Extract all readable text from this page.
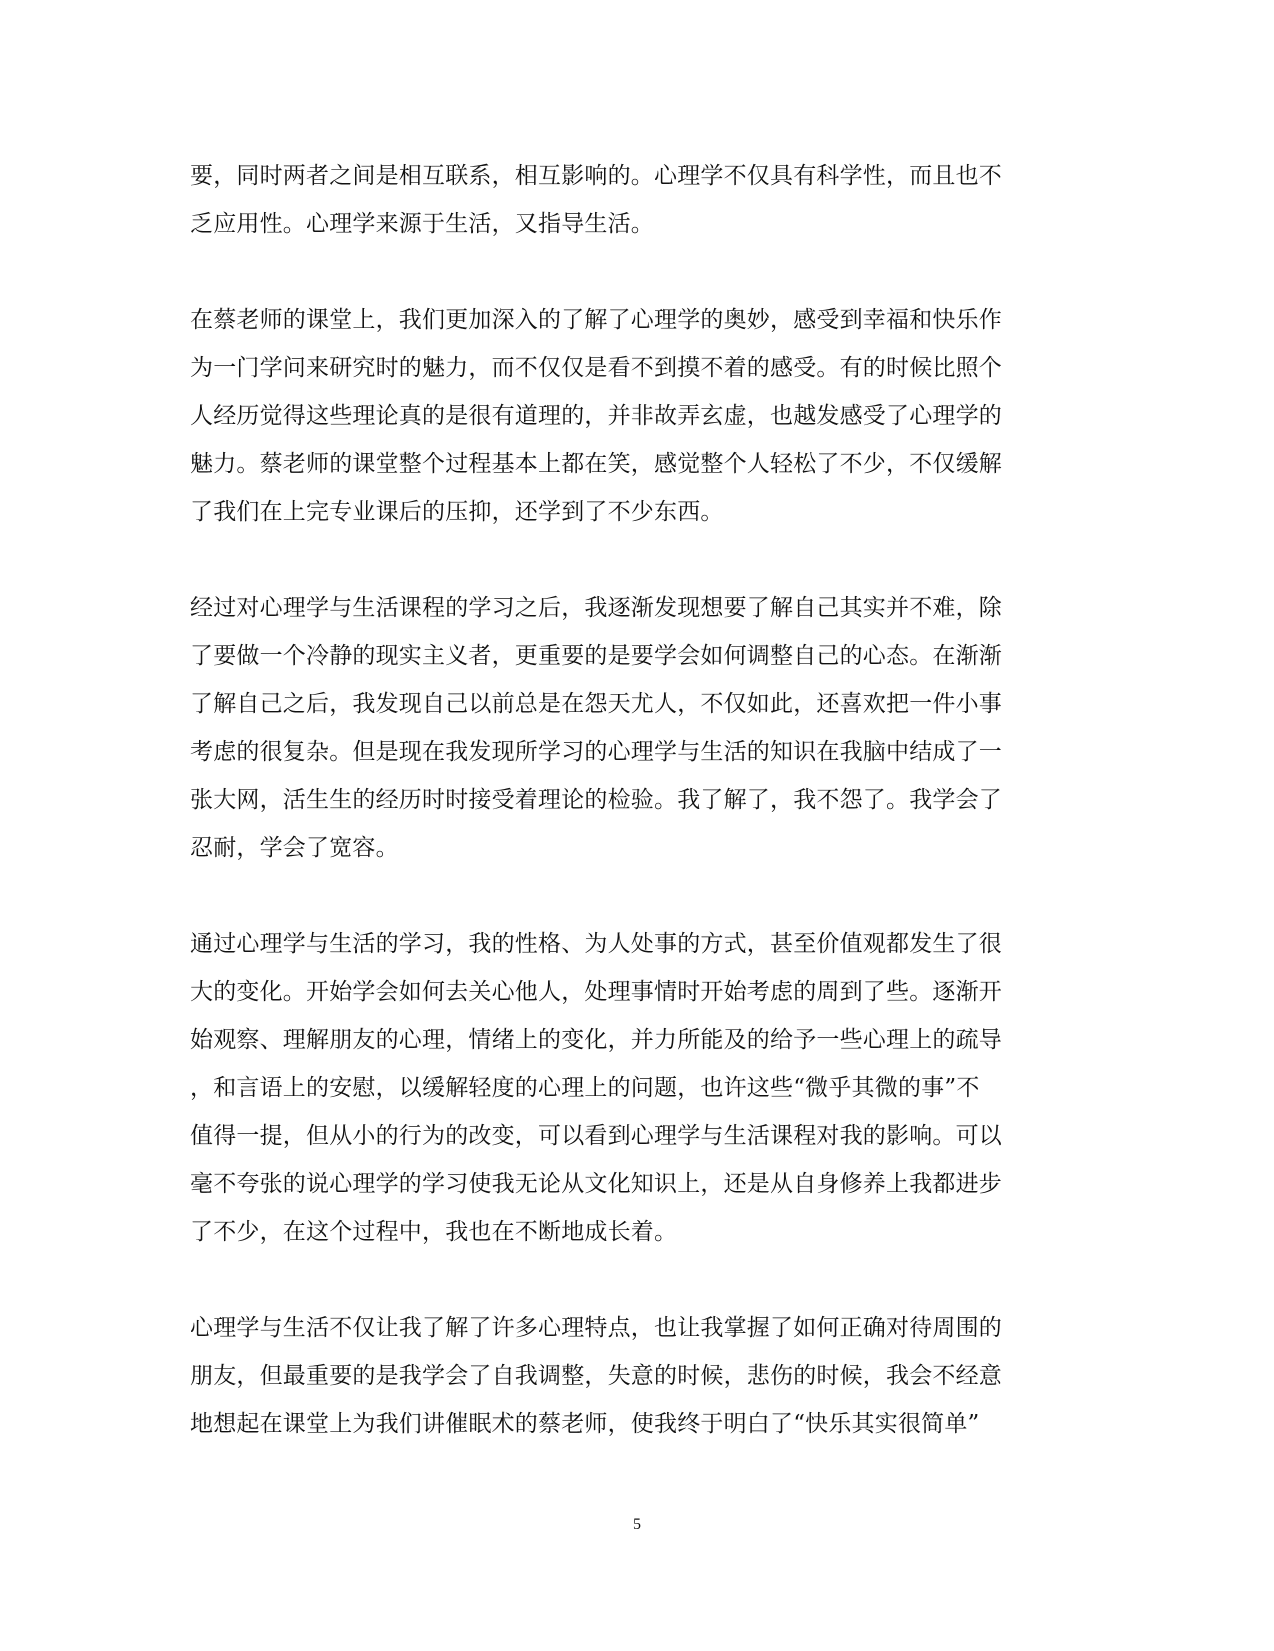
要，同时两者之间是相互联系，相互影响的。心理学不仅具有科学性，而且也不
乏应用性。心理学来源于生活，又指导生活。
在蔡老师的课堂上，我们更加深入的了解了心理学的奥妙，感受到幸福和快乐作
为一门学问来研究时的魅力，而不仅仅是看不到摸不着的感受。有的时候比照个
人经历觉得这些理论真的是很有道理的，并非故弄玄虚，也越发感受了心理学的
魅力。蔡老师的课堂整个过程基本上都在笑，感觉整个人轻松了不少，不仅缓解
了我们在上完专业课后的压抑，还学到了不少东西。
经过对心理学与生活课程的学习之后，我逐渐发现想要了解自己其实并不难，除
了要做一个冷静的现实主义者，更重要的是要学会如何调整自己的心态。在渐渐
了解自己之后，我发现自己以前总是在怨天尤人，不仅如此，还喜欢把一件小事
考虑的很复杂。但是现在我发现所学习的心理学与生活的知识在我脑中结成了一
张大网，活生生的经历时时接受着理论的检验。我了解了，我不怨了。我学会了
忍耐，学会了宽容。
通过心理学与生活的学习，我的性格、为人处事的方式，甚至价值观都发生了很
大的变化。开始学会如何去关心他人，处理事情时开始考虑的周到了些。逐渐开
始观察、理解朋友的心理，情绪上的变化，并力所能及的给予一些心理上的疏导
，和言语上的安慰，以缓解轻度的心理上的问题，也许这些“微乎其微的事”不
值得一提，但从小的行为的改变，可以看到心理学与生活课程对我的影响。可以
毫不夸张的说心理学的学习使我无论从文化知识上，还是从自身修养上我都进步
了不少，在这个过程中，我也在不断地成长着。
心理学与生活不仅让我了解了许多心理特点，也让我掌握了如何正确对待周围的
朋友，但最重要的是我学会了自我调整，失意的时候，悲伤的时候，我会不经意
地想起在课堂上为我们讲催眠术的蔡老师，使我终于明白了“快乐其实很简单”
5
